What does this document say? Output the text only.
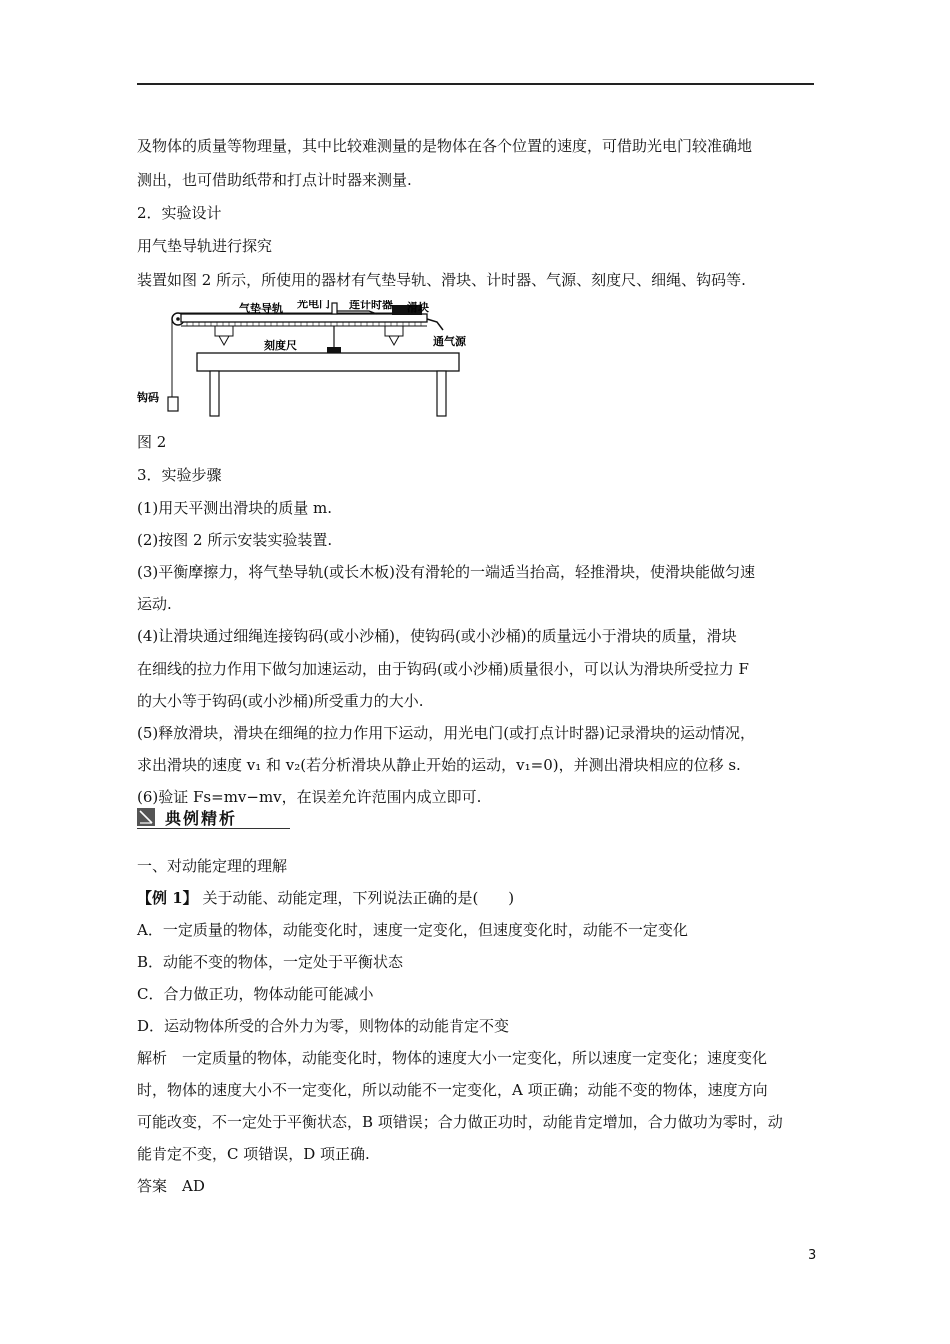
及物体的质量等物理量，其中比较难测量的是物体在各个位置的速度，可借助光电门较准确地
测出，也可借助纸带和打点计时器来测量.
2．实验设计
用气垫导轨进行探究
装置如图 2 所示，所使用的器材有气垫导轨、滑块、计时器、气源、刻度尺、细绳、钩码等.
气垫导轨 光电门 连计时器 滑块
通气源
刻度尺
钩码
图 2
3．实验步骤
(1)用天平测出滑块的质量 m.
(2)按图 2 所示安装实验装置.
(3)平衡摩擦力，将气垫导轨(或长木板)没有滑轮的一端适当抬高，轻推滑块，使滑块能做匀速
运动.
(4)让滑块通过细绳连接钩码(或小沙桶)，使钩码(或小沙桶)的质量远小于滑块的质量，滑块
在细线的拉力作用下做匀加速运动，由于钩码(或小沙桶)质量很小，可以认为滑块所受拉力 F
的大小等于钩码(或小沙桶)所受重力的大小.
(5)释放滑块，滑块在细绳的拉力作用下运动，用光电门(或打点计时器)记录滑块的运动情况，
求出滑块的速度 v₁ 和 v₂(若分析滑块从静止开始的运动，v₁=0)，并测出滑块相应的位移 s.
(6)验证 Fs=mv−mv，在误差允许范围内成立即可.
典例精析
一、对动能定理的理解
【例 1】 关于动能、动能定理，下列说法正确的是(　　)
A．一定质量的物体，动能变化时，速度一定变化，但速度变化时，动能不一定变化
B．动能不变的物体，一定处于平衡状态
C．合力做正功，物体动能可能减小
D．运动物体所受的合外力为零，则物体的动能肯定不变
解析　一定质量的物体，动能变化时，物体的速度大小一定变化，所以速度一定变化；速度变化
时，物体的速度大小不一定变化，所以动能不一定变化，A 项正确；动能不变的物体，速度方向
可能改变，不一定处于平衡状态，B 项错误；合力做正功时，动能肯定增加，合力做功为零时，动
能肯定不变，C 项错误，D 项正确.
答案　AD
3
